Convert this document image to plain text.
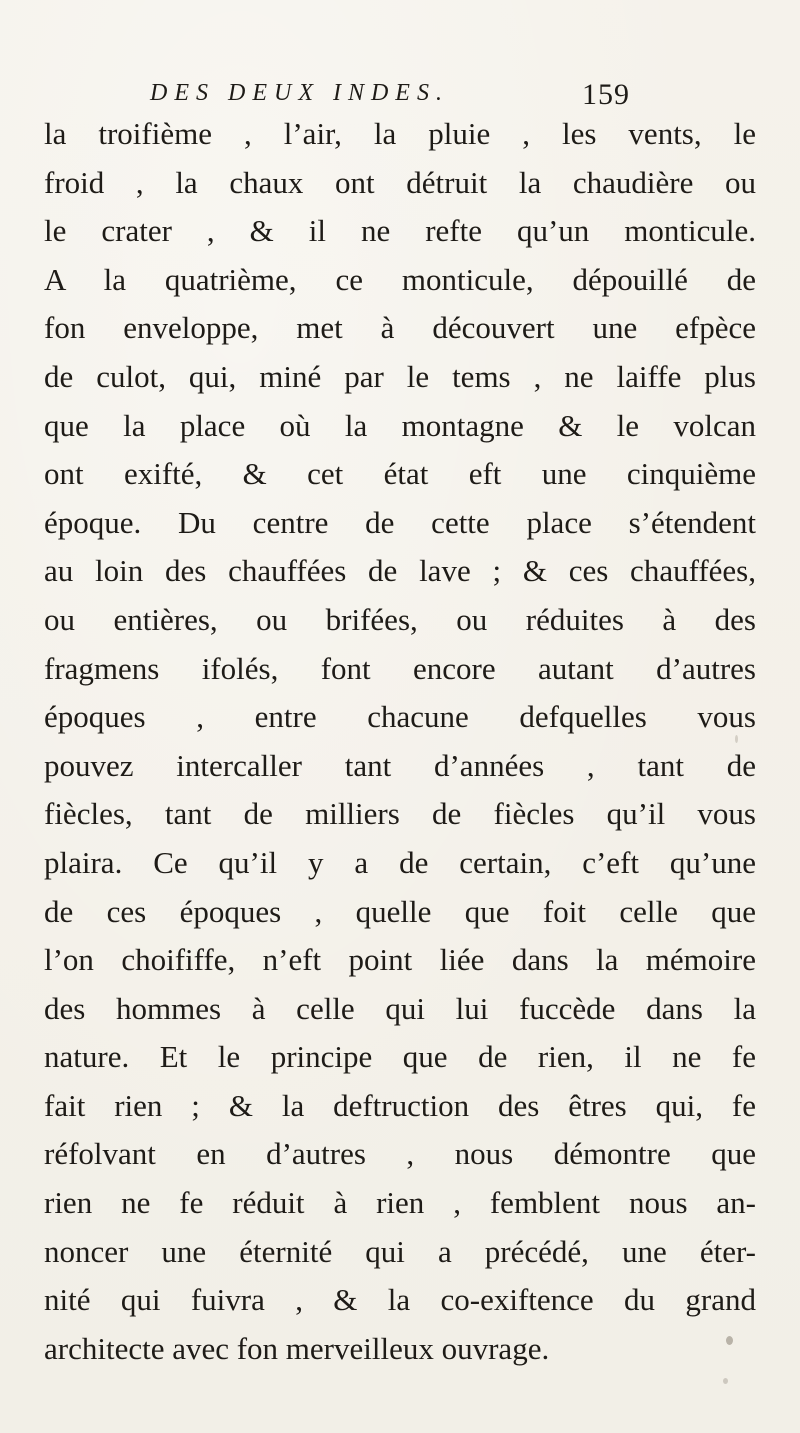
DES DEUX INDES.	159
la troifième , l’air, la pluie , les vents, le
froid , la chaux ont détruit la chaudière ou
le crater , & il ne refte qu’un monticule.
A la quatrième, ce monticule, dépouillé de
fon enveloppe, met à découvert une efpèce
de culot, qui, miné par le tems , ne laiffe plus
que la place où la montagne & le volcan
ont exifté, & cet état eft une cinquième
époque. Du centre de cette place s’étendent
au loin des chauffées de lave ; & ces chauffées,
ou entières, ou brifées, ou réduites à des
fragmens ifolés, font encore autant d’autres
époques , entre chacune defquelles vous
pouvez intercaller tant d’années , tant de
fiècles, tant de milliers de fiècles qu’il vous
plaira. Ce qu’il y a de certain, c’eft qu’une
de ces époques , quelle que foit celle que
l’on choififfe, n’eft point liée dans la mémoire
des hommes à celle qui lui fuccède dans la
nature. Et le principe que de rien, il ne fe
fait rien ; & la deftruction des êtres qui, fe
réfolvant en d’autres , nous démontre que
rien ne fe réduit à rien , femblent nous an-
noncer une éternité qui a précédé, une éter-
nité qui fuivra , & la co-exiftence du grand
architecte avec fon merveilleux ouvrage.
